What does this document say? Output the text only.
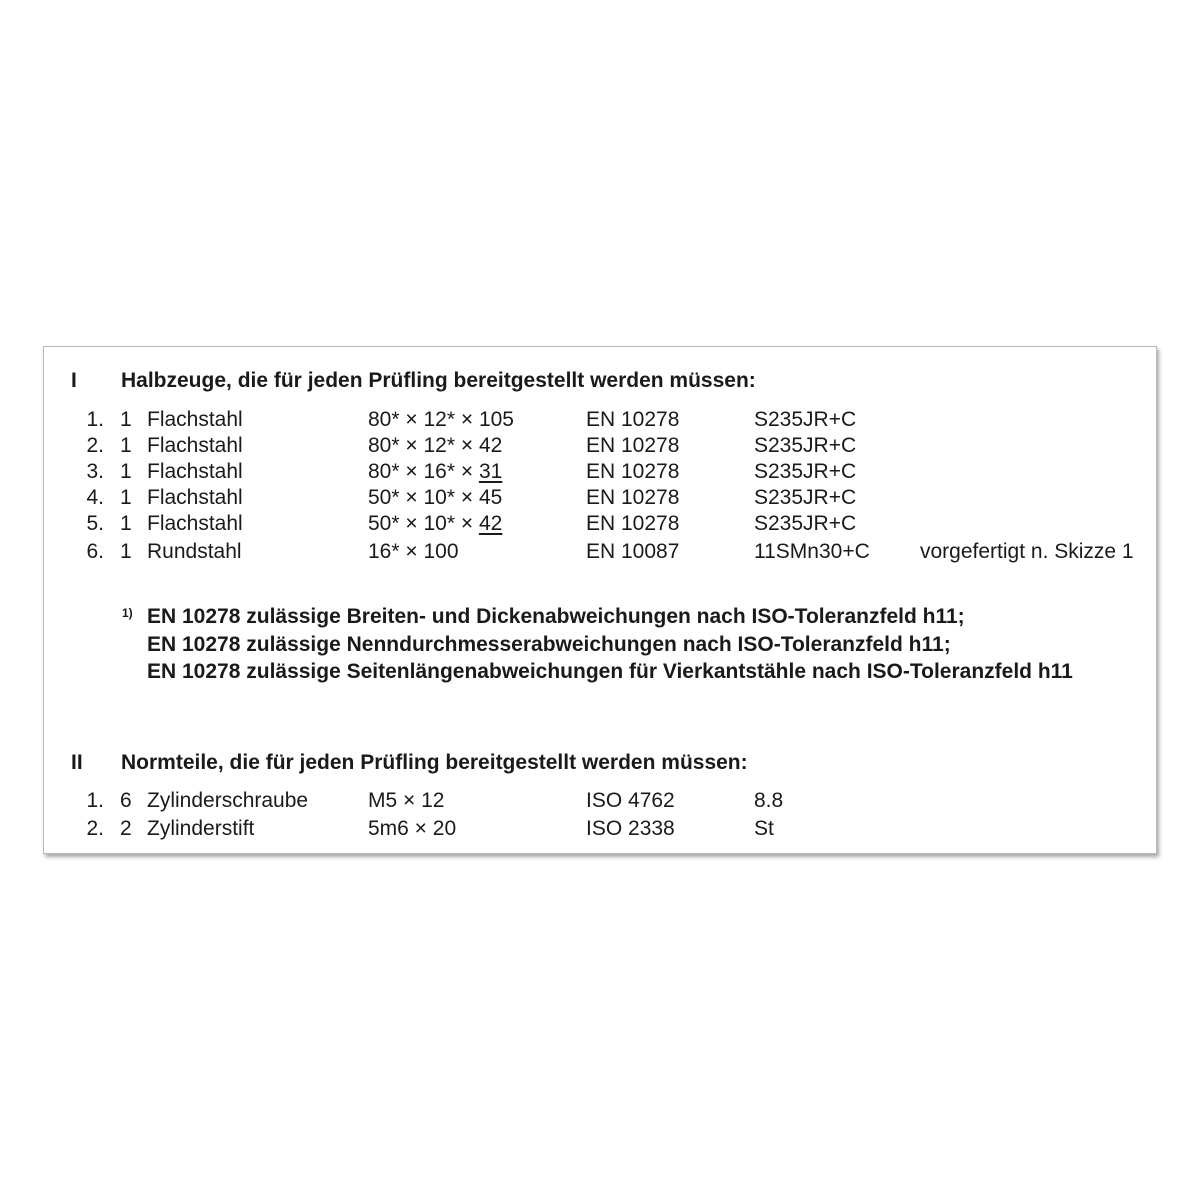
I Halbzeuge, die für jeden Prüfling bereitgestellt werden müssen:
1. 1 Flachstahl	80* × 12* × 105	EN 10278	S235JR+C
2. 1 Flachstahl	80* × 12* × 42	EN 10278	S235JR+C
3. 1 Flachstahl	80* × 16* × 31	EN 10278	S235JR+C
4. 1 Flachstahl	50* × 10* × 45	EN 10278	S235JR+C
5. 1 Flachstahl	50* × 10* × 42	EN 10278	S235JR+C
6. 1 Rundstahl	16* × 100	EN 10087	11SMn30+C vorgefertigt n. Skizze 1
1) EN 10278 zulässige Breiten- und Dickenabweichungen nach ISO-Toleranzfeld h11;
EN 10278 zulässige Nenndurchmesserabweichungen nach ISO-Toleranzfeld h11;
EN 10278 zulässige Seitenlängenabweichungen für Vierkantstähle nach ISO-Toleranzfeld h11
II Normteile, die für jeden Prüfling bereitgestellt werden müssen:
1. 6 Zylinderschraube	M5 × 12	ISO 4762	8.8
2. 2 Zylinderstift	5m6 × 20	ISO 2338	St
